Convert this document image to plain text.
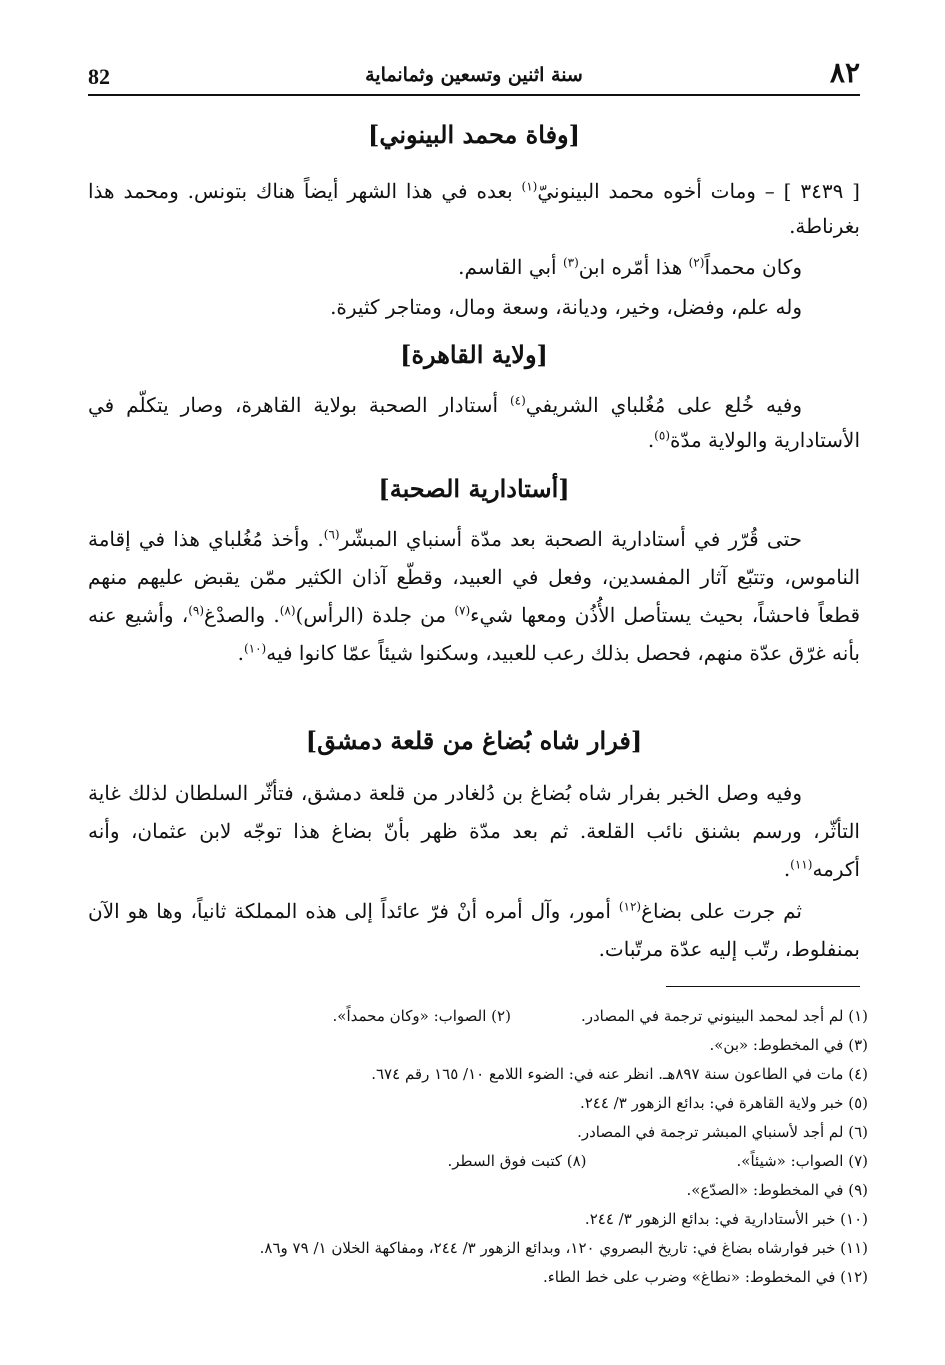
٨٢
سنة اثنين وتسعين وثمانماية
82
[وفاة محمد البينوني]
[ ٣٤٣٩ ] – ومات أخوه محمد البينونيّ$^{(١)}$ بعده في هذا الشهر أيضاً هناك بتونس. ومحمد هذا بغرناطة.
وكان محمداً$^{(٢)}$ هذا أمّره ابن$^{(٣)}$ أبي القاسم.
وله علم، وفضل، وخير، وديانة، وسعة ومال، ومتاجر كثيرة.
[ولاية القاهرة]
وفيه خُلع على مُغُلباي الشريفي$^{(٤)}$ أستادار الصحبة بولاية القاهرة، وصار يتكلّم في الأستادارية والولاية مدّة$^{(٥)}$.
[أستادارية الصحبة]
حتى قُرّر في أستادارية الصحبة بعد مدّة أسنباي المبشّر$^{(٦)}$. وأخذ مُغُلباي هذا في إقامة الناموس، وتتبّع آثار المفسدين، وفعل في العبيد، وقطّع آذان الكثير ممّن يقبض عليهم منهم قطعاً فاحشاً، بحيث يستأصل الأُذُن ومعها شيء$^{(٧)}$ من جلدة (الرأس)$^{(٨)}$. والصدْغ$^{(٩)}$، وأشيع عنه بأنه غرّق عدّة منهم، فحصل بذلك رعب للعبيد، وسكنوا شيئاً عمّا كانوا فيه$^{(١٠)}$.
[فرار شاه بُضاغ من قلعة دمشق]
وفيه وصل الخبر بفرار شاه بُضاغ بن دُلغادر من قلعة دمشق، فتأثّر السلطان لذلك غاية التأثّر، ورسم بشنق نائب القلعة. ثم بعد مدّة ظهر بأنّ بضاغ هذا توجّه لابن عثمان، وأنه أكرمه$^{(١١)}$.
ثم جرت على بضاغ$^{(١٢)}$ أمور، وآل أمره أنْ فرّ عائداً إلى هذه المملكة ثانياً، وها هو الآن بمنفلوط، رتّب إليه عدّة مرتّبات.
(١) لم أجد لمحمد البينوني ترجمة في المصادر.(٢) الصواب: «وكان محمداً».
(٣) في المخطوط: «بن».
(٤) مات في الطاعون سنة ٨٩٧هـ. انظر عنه في: الضوء اللامع ١٠/ ١٦٥ رقم ٦٧٤.
(٥) خبر ولاية القاهرة في: بدائع الزهور ٣/ ٢٤٤.
(٦) لم أجد لأسنباي المبشر ترجمة في المصادر.
(٧) الصواب: «شيئاً».(٨) كتبت فوق السطر.
(٩) في المخطوط: «الصدّع».
(١٠) خبر الأستادارية في: بدائع الزهور ٣/ ٢٤٤.
(١١) خبر فوارشاه بضاغ في: تاريخ البصروي ١٢٠، وبدائع الزهور ٣/ ٢٤٤، ومفاكهة الخلان ١/ ٧٩ و٨٦.
(١٢) في المخطوط: «نطاغ» وضرب على خط الطاء.
